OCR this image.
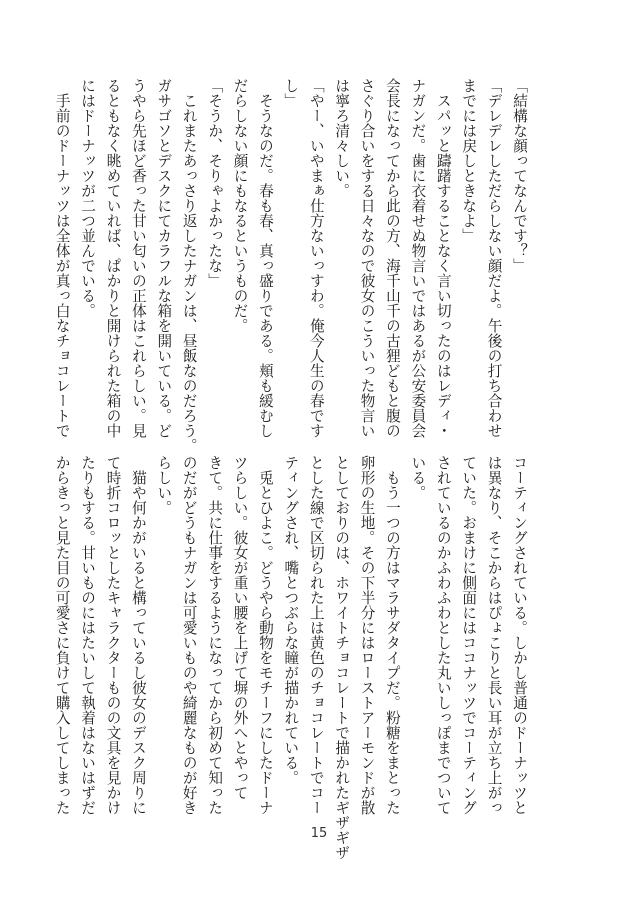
「結構な顔ってなんです？」
「デレデレしただらしない顔だよ。午後の打ち合わせ
までには戻しときなよ」
　スパッと躊躇することなく言い切ったのはレディ・
ナガンだ。歯に衣着せぬ物言いではあるが公安委員会
会長になってから此の方、海千山千の古狸どもと腹の
さぐり合いをする日々なので彼女のこういった物言い
は寧ろ清々しい。
「やー、いやまぁ仕方ないっすわ。俺今人生の春です
し」
　そうなのだ。春も春、真っ盛りである。頬も緩むし
だらしない顔にもなるというものだ。
「そうか、そりゃよかったな」
　これまたあっさり返したナガンは、昼飯なのだろう。
ガサゴソとデスクにてカラフルな箱を開いている。ど
うやら先ほど香った甘い匂いの正体はこれらしい。見
るともなく眺めていれば、ぱかりと開けられた箱の中
にはドーナッツが二つ並んでいる。
　手前のドーナッツは全体が真っ白なチョコレートで
コーティングされている。しかし普通のドーナッツと
は異なり、そこからはぴょこりと長い耳が立ち上がっ
ていた。おまけに側面にはココナッツでコーティング
されているのかふわふわとした丸いしっぽまでついて
いる。
　もう一つの方はマラサダタイプだ。粉糖をまとった
卵形の生地。その下半分にはローストアーモンドが散
としておりのは、ホワイトチョコレートで描かれたギザギザ
とした線で区切られた上は黄色のチョコレートでコー
ティングされ、嘴とつぶらな瞳が描かれている。
　兎とひよこ。どうやら動物をモチーフにしたドーナ
ツらしい。彼女が重い腰を上げて塀の外へとやって
きて。共に仕事をするようになってから初めて知った
のだがどうもナガンは可愛いものや綺麗なものが好き
らしい。
　猫や何かがいると構っているし彼女のデスク周りに
て時折コロッとしたキャラクターものの文具を見かけ
たりもする。甘いものにはたいして執着はないはずだ
からきっと見た目の可愛さに負けて購入してしまった
15
